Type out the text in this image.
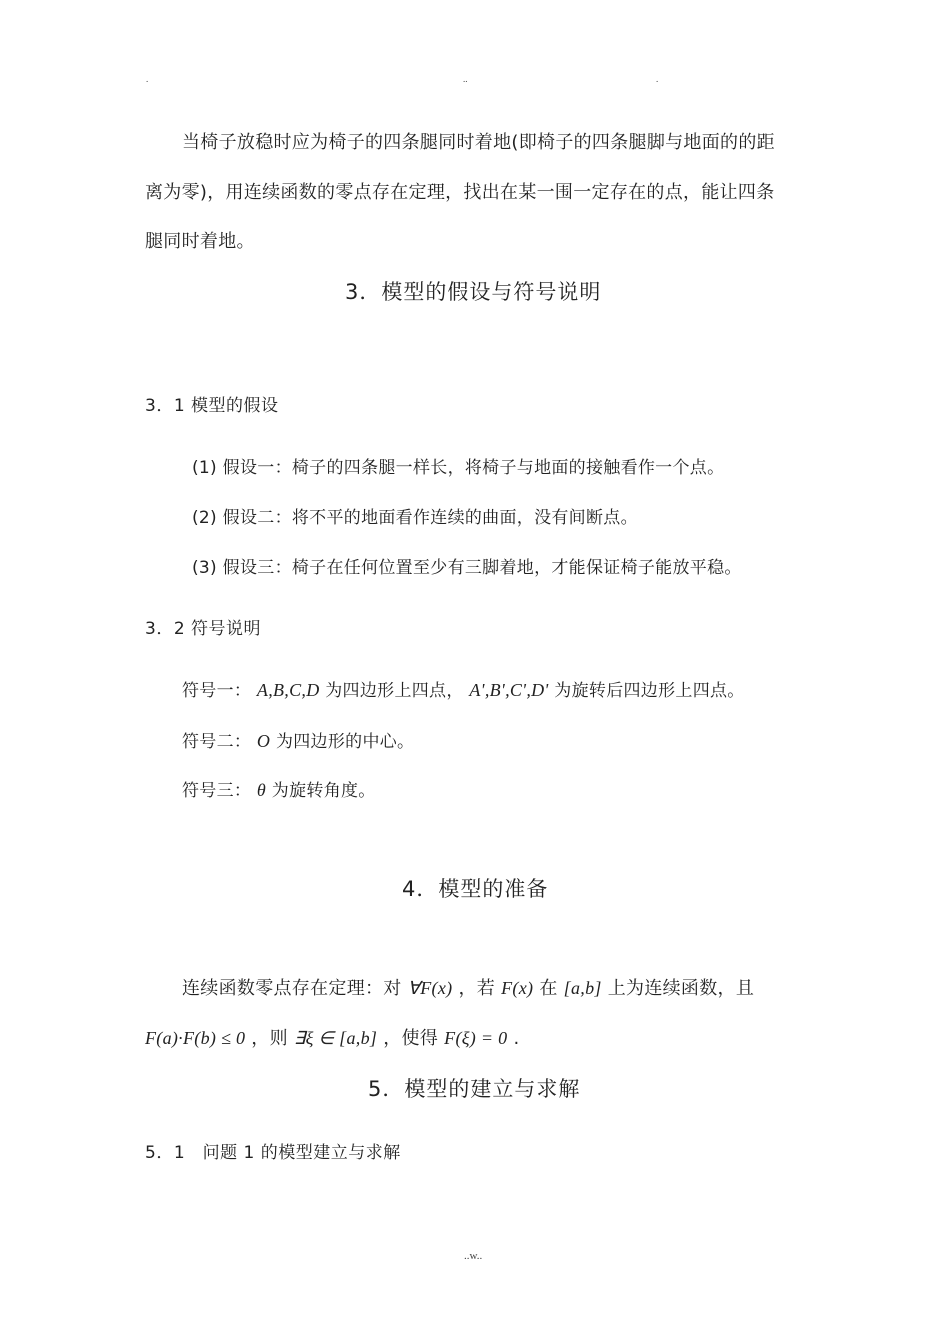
.	..	.
当椅子放稳时应为椅子的四条腿同时着地(即椅子的四条腿脚与地面的的距
离为零)，用连续函数的零点存在定理，找出在某一围一定存在的点，能让四条
腿同时着地。
3．模型的假设与符号说明
3．1 模型的假设
(1) 假设一：椅子的四条腿一样长，将椅子与地面的接触看作一个点。
(2) 假设二：将不平的地面看作连续的曲面，没有间断点。
(3) 假设三：椅子在任何位置至少有三脚着地，才能保证椅子能放平稳。
3．2 符号说明
符号一： A,B,C,D 为四边形上四点， A',B',C',D' 为旋转后四边形上四点。
符号二： O 为四边形的中心。
符号三： θ 为旋转角度。
4．模型的准备
连续函数零点存在定理：对 ∀F(x) ，若 F(x) 在 [a,b] 上为连续函数，且
F(a)·F(b) ≤ 0 ，则 ∃ξ ∈ [a,b] ，使得 F(ξ) = 0 .
5．模型的建立与求解
5．1　问题 1 的模型建立与求解
..w..
